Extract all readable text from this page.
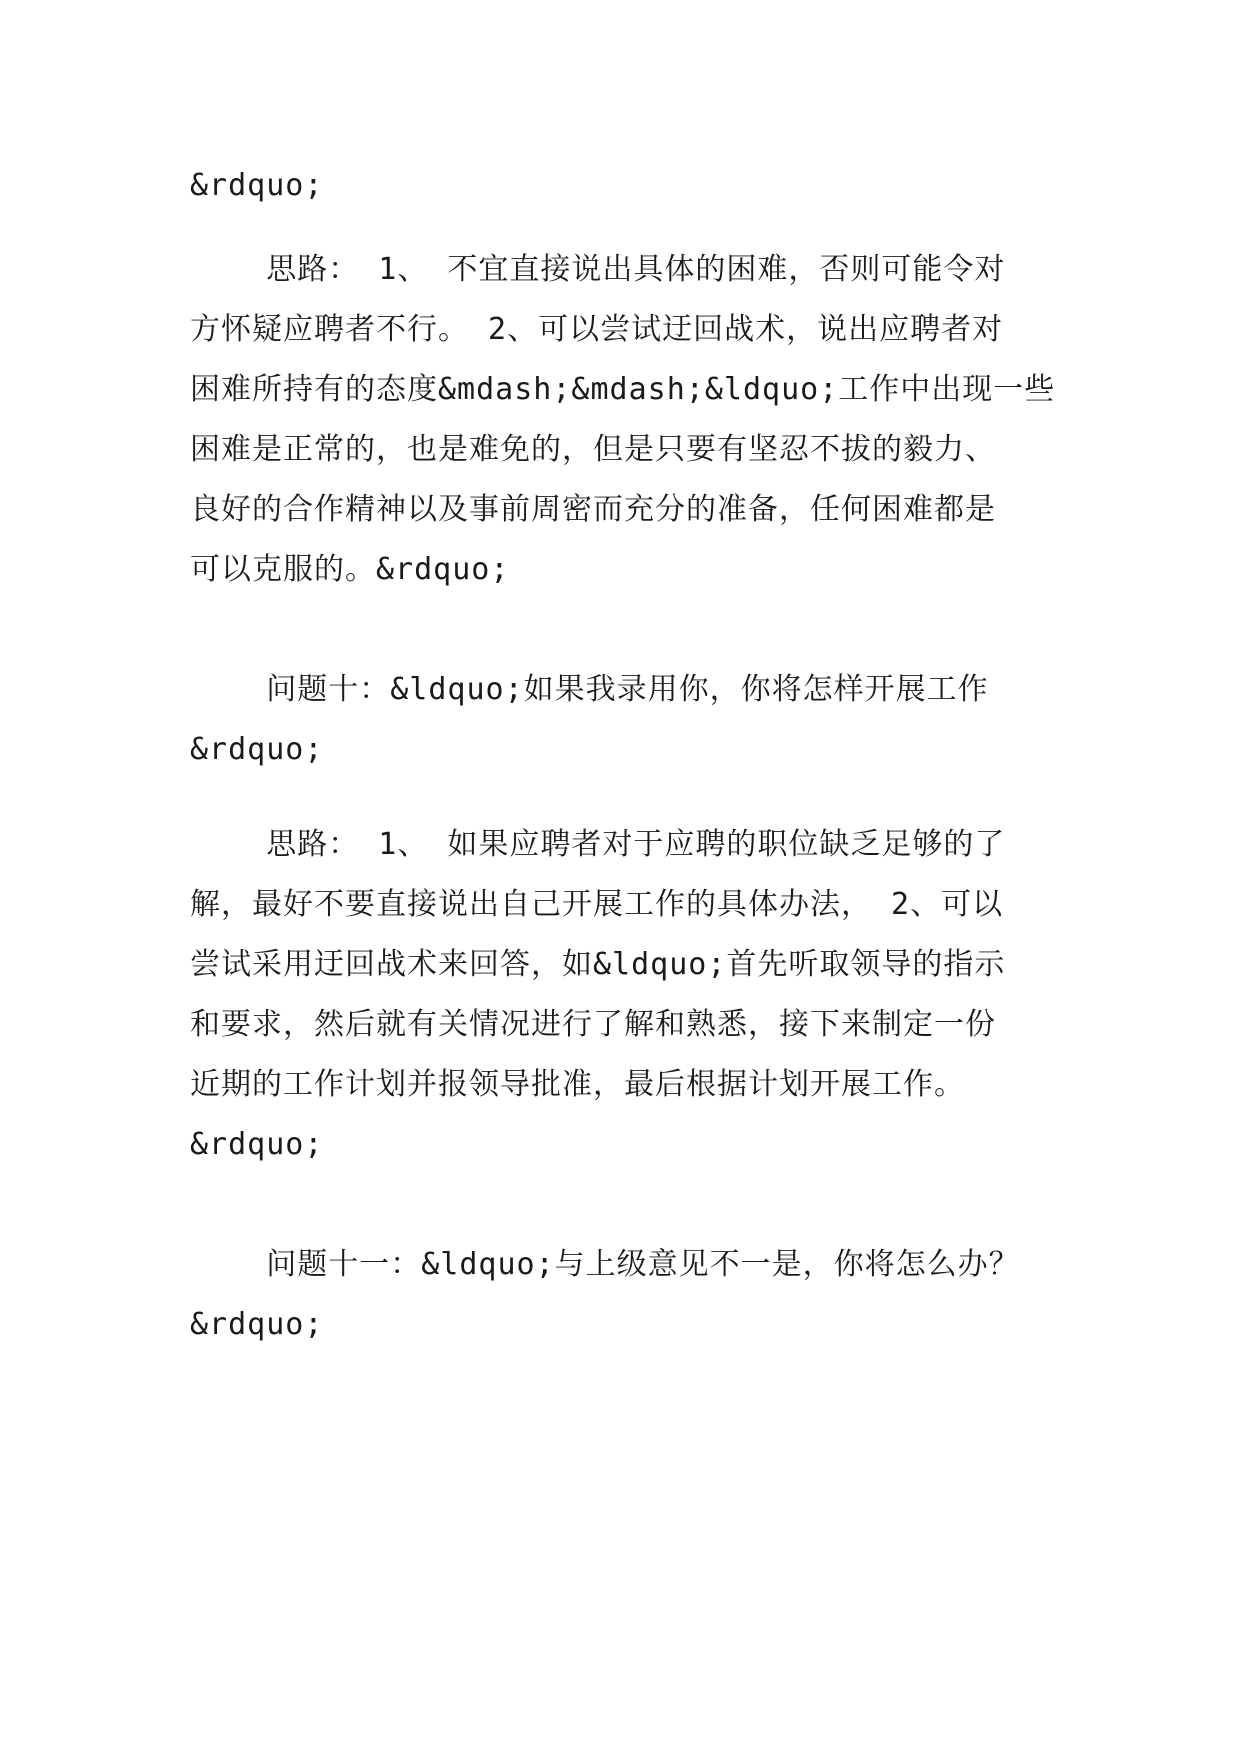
&rdquo;
思路： 1、 不宜直接说出具体的困难，否则可能令对
方怀疑应聘者不行。 2、可以尝试迂回战术，说出应聘者对
困难所持有的态度&mdash;&mdash;&ldquo;工作中出现一些
困难是正常的，也是难免的，但是只要有坚忍不拔的毅力、
良好的合作精神以及事前周密而充分的准备，任何困难都是
可以克服的。&rdquo;
问题十：&ldquo;如果我录用你，你将怎样开展工作
&rdquo;
思路： 1、 如果应聘者对于应聘的职位缺乏足够的了
解，最好不要直接说出自己开展工作的具体办法， 2、可以
尝试采用迂回战术来回答，如&ldquo;首先听取领导的指示
和要求，然后就有关情况进行了解和熟悉，接下来制定一份
近期的工作计划并报领导批准，最后根据计划开展工作。
&rdquo;
问题十一：&ldquo;与上级意见不一是，你将怎么办？
&rdquo;
